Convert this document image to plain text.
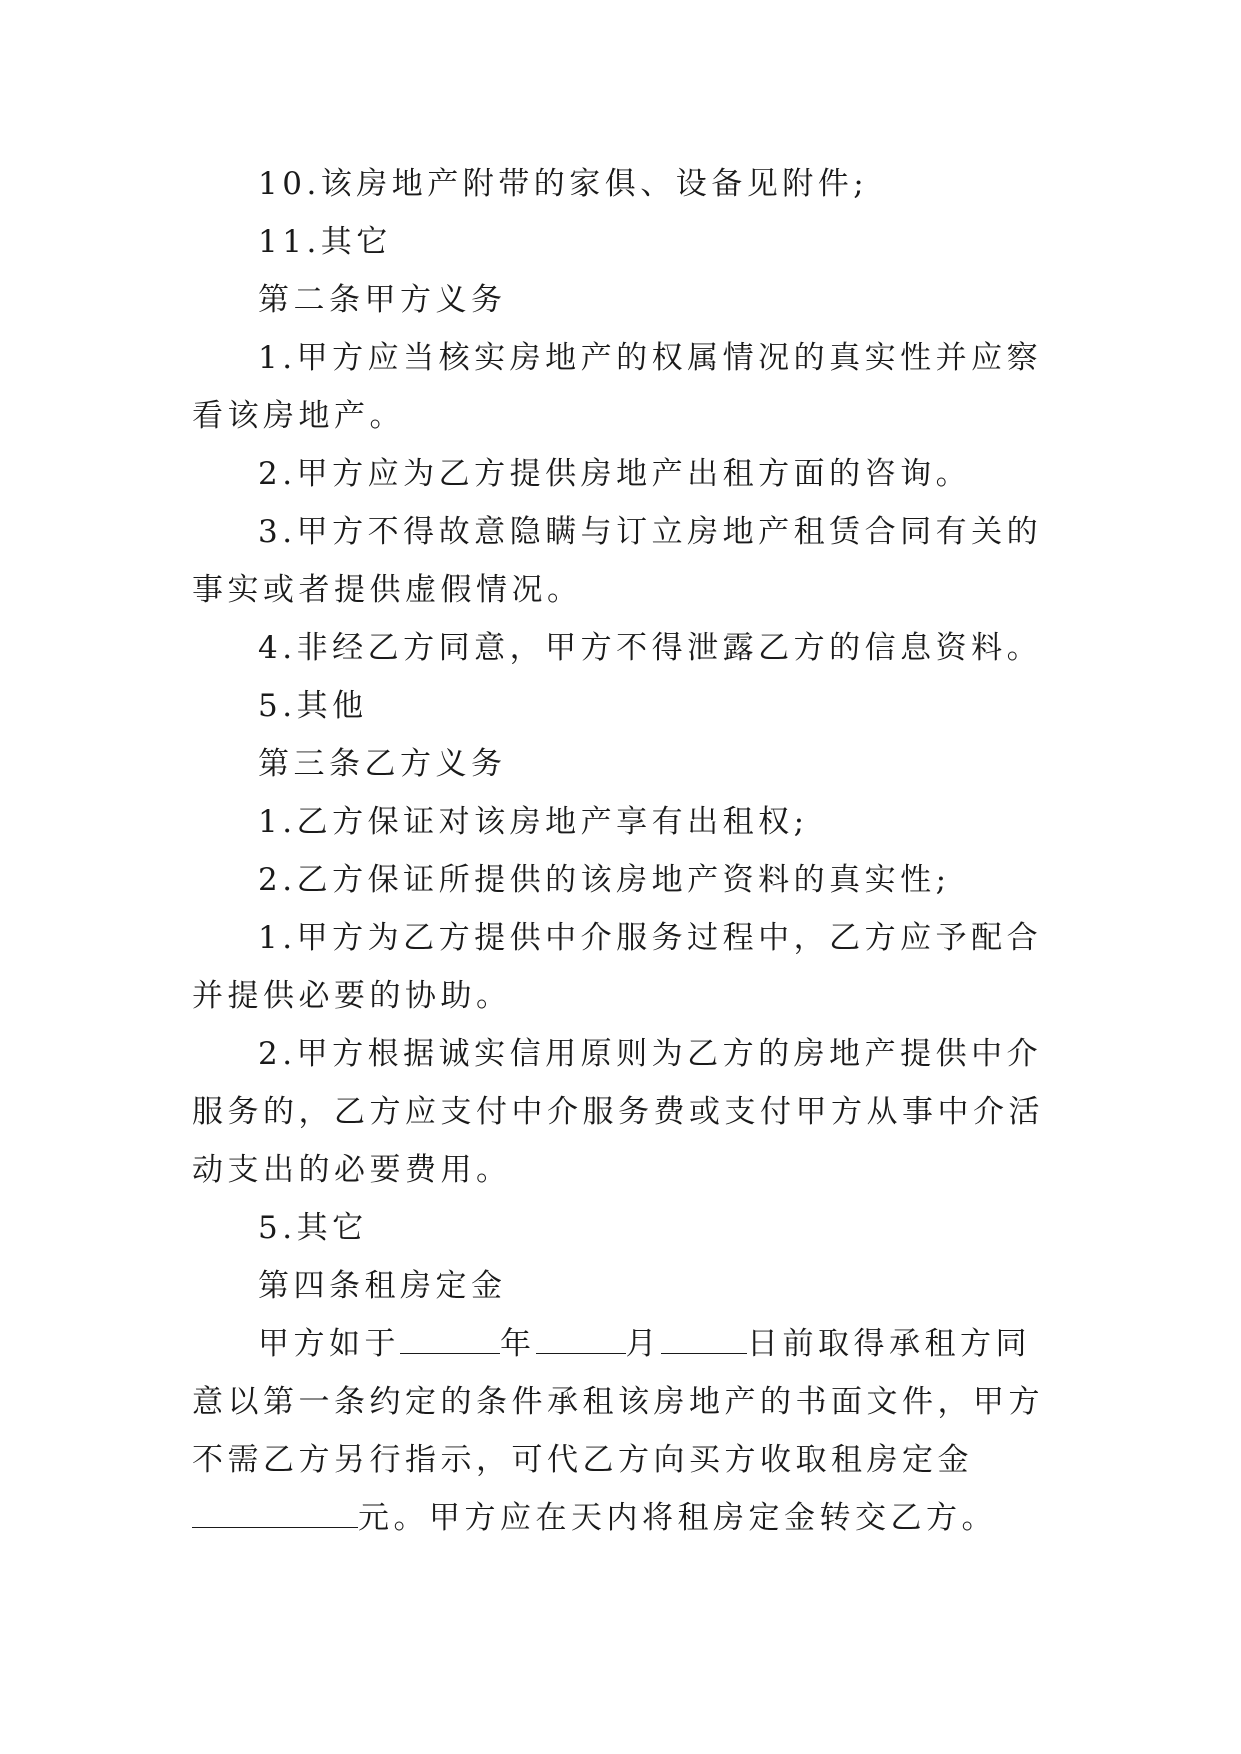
10.该房地产附带的家俱、设备见附件;

11.其它

第二条甲方义务

1.甲方应当核实房地产的权属情况的真实性并应察看该房地产。

2.甲方应为乙方提供房地产出租方面的咨询。

3.甲方不得故意隐瞒与订立房地产租赁合同有关的事实或者提供虚假情况。

4.非经乙方同意，甲方不得泄露乙方的信息资料。

5.其他

第三条乙方义务

1.乙方保证对该房地产享有出租权;

2.乙方保证所提供的该房地产资料的真实性;

1.甲方为乙方提供中介服务过程中，乙方应予配合并提供必要的协助。

2.甲方根据诚实信用原则为乙方的房地产提供中介服务的，乙方应支付中介服务费或支付甲方从事中介活动支出的必要费用。

5.其它

第四条租房定金

甲方如于	年	月	日前取得承租方同意以第一条约定的条件承租该房地产的书面文件，甲方不需乙方另行指示，可代乙方向买方收取租房定金元。甲方应在天内将租房定金转交乙方。
